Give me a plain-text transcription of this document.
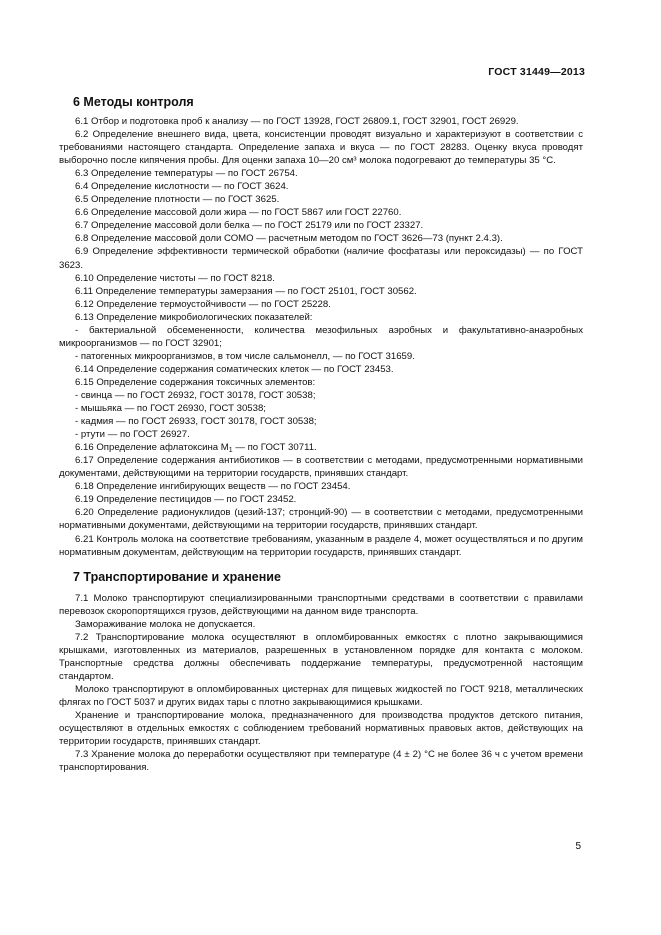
ГОСТ 31449—2013
6 Методы контроля

6.1 Отбор и подготовка проб к анализу — по ГОСТ 13928, ГОСТ 26809.1, ГОСТ 32901, ГОСТ 26929.

6.2 Определение внешнего вида, цвета, консистенции проводят визуально и характеризуют в соответствии с требованиями настоящего стандарта. Определение запаха и вкуса — по ГОСТ 28283. Оценку вкуса проводят выборочно после кипячения пробы. Для оценки запаха 10—20 см³ молока подогревают до температуры 35 °С.

6.3 Определение температуры — по ГОСТ 26754.

6.4 Определение кислотности — по ГОСТ 3624.

6.5 Определение плотности — по ГОСТ 3625.

6.6 Определение массовой доли жира — по ГОСТ 5867 или ГОСТ 22760.

6.7 Определение массовой доли белка — по ГОСТ 25179 или по ГОСТ 23327.

6.8 Определение массовой доли СОМО — расчетным методом по ГОСТ 3626—73 (пункт 2.4.3).

6.9 Определение эффективности термической обработки (наличие фосфатазы или пероксидазы) — по ГОСТ 3623.

6.10 Определение чистоты — по ГОСТ 8218.

6.11 Определение температуры замерзания — по ГОСТ 25101, ГОСТ 30562.

6.12 Определение термоустойчивости — по ГОСТ 25228.

6.13 Определение микробиологических показателей:

- бактериальной обсемененности, количества мезофильных аэробных и факультативно-анаэробных микроорганизмов — по ГОСТ 32901;

- патогенных микроорганизмов, в том числе сальмонелл, — по ГОСТ 31659.

6.14 Определение содержания соматических клеток — по ГОСТ 23453.

6.15 Определение содержания токсичных элементов:

- свинца — по ГОСТ 26932, ГОСТ 30178, ГОСТ 30538;

- мышьяка — по ГОСТ 26930, ГОСТ 30538;

- кадмия — по ГОСТ 26933, ГОСТ 30178, ГОСТ 30538;

- ртути — по ГОСТ 26927.

6.16 Определение афлатоксина $М_1$ — по ГОСТ 30711.

6.17 Определение содержания антибиотиков — в соответствии с методами, предусмотренными нормативными документами, действующими на территории государств, принявших стандарт.

6.18 Определение ингибирующих веществ — по ГОСТ 23454.

6.19 Определение пестицидов — по ГОСТ 23452.

6.20 Определение радионуклидов (цезий-137; стронций-90) — в соответствии с методами, предусмотренными нормативными документами, действующими на территории государств, принявших стандарт.

6.21 Контроль молока на соответствие требованиям, указанным в разделе 4, может осуществляться и по другим нормативным документам, действующим на территории государств, принявших стандарт.

7 Транспортирование и хранение

7.1 Молоко транспортируют специализированными транспортными средствами в соответствии с правилами перевозок скоропортящихся грузов, действующими на данном виде транспорта.

Замораживание молока не допускается.

7.2 Транспортирование молока осуществляют в опломбированных емкостях с плотно закрывающимися крышками, изготовленных из материалов, разрешенных в установленном порядке для контакта с молоком. Транспортные средства должны обеспечивать поддержание температуры, предусмотренной настоящим стандартом.

Молоко транспортируют в опломбированных цистернах для пищевых жидкостей по ГОСТ 9218, металлических флягах по ГОСТ 5037 и других видах тары с плотно закрывающимися крышками.

Хранение и транспортирование молока, предназначенного для производства продуктов детского питания, осуществляют в отдельных емкостях с соблюдением требований нормативных правовых актов, действующих на территории государств, принявших стандарт.

7.3 Хранение молока до переработки осуществляют при температуре (4 ± 2) °С не более 36 ч с учетом времени транспортирования.

5
